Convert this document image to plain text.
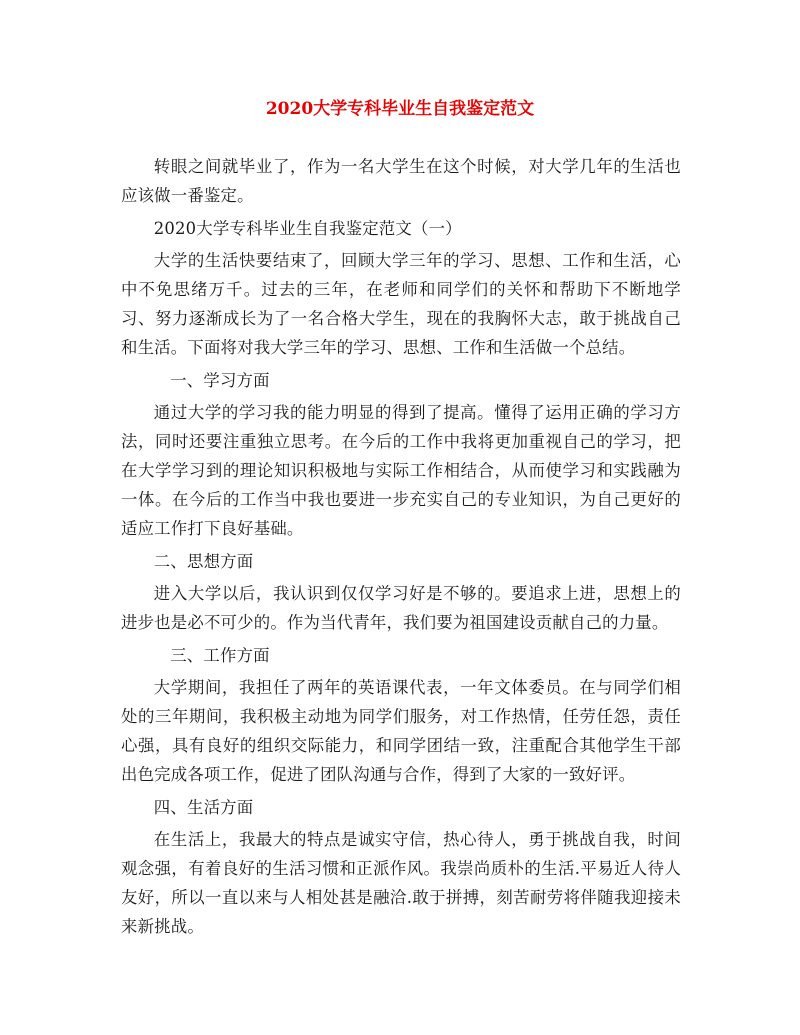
2020大学专科毕业生自我鉴定范文

转眼之间就毕业了，作为一名大学生在这个时候，对大学几年的生活也应该做一番鉴定。

2020大学专科毕业生自我鉴定范文（一）

大学的生活快要结束了，回顾大学三年的学习、思想、工作和生活，心中不免思绪万千。过去的三年，在老师和同学们的关怀和帮助下不断地学习、努力逐渐成长为了一名合格大学生，现在的我胸怀大志，敢于挑战自己和生活。下面将对我大学三年的学习、思想、工作和生活做一个总结。

一、学习方面

通过大学的学习我的能力明显的得到了提高。懂得了运用正确的学习方法，同时还要注重独立思考。在今后的工作中我将更加重视自己的学习，把在大学学习到的理论知识积极地与实际工作相结合，从而使学习和实践融为一体。在今后的工作当中我也要进一步充实自己的专业知识，为自己更好的适应工作打下良好基础。

二、思想方面

进入大学以后，我认识到仅仅学习好是不够的。要追求上进，思想上的进步也是必不可少的。作为当代青年，我们要为祖国建设贡献自己的力量。

三、工作方面

大学期间，我担任了两年的英语课代表，一年文体委员。在与同学们相处的三年期间，我积极主动地为同学们服务，对工作热情，任劳任怨，责任心强，具有良好的组织交际能力，和同学团结一致，注重配合其他学生干部出色完成各项工作，促进了团队沟通与合作，得到了大家的一致好评。

四、生活方面

在生活上，我最大的特点是诚实守信，热心待人，勇于挑战自我，时间观念强，有着良好的生活习惯和正派作风。我崇尚质朴的生活.平易近人待人友好，所以一直以来与人相处甚是融洽.敢于拼搏，刻苦耐劳将伴随我迎接未来新挑战。
